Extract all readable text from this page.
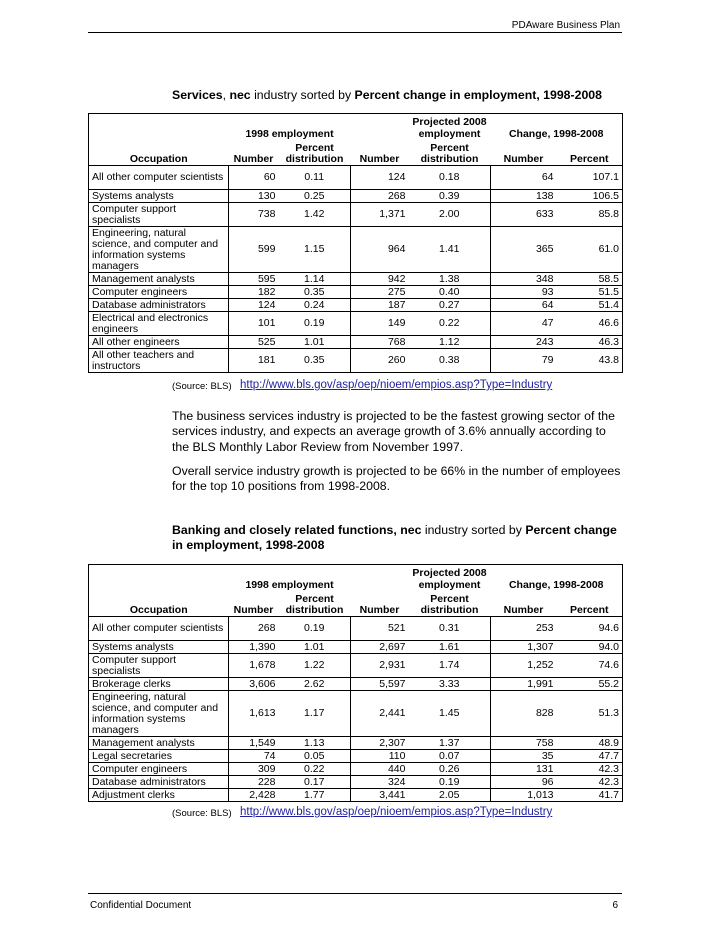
PDAware Business Plan
Services, nec industry sorted by Percent change in employment, 1998-2008
				Projected 2008		
	1998 employment			employment	Change, 1998-2008	
Occupation	Number	Percent distribution	Number	Percent distribution	Number	Percent
All other computer scientists	60	0.11	124	0.18	64	107.1
Systems analysts	130	0.25	268	0.39	138	106.5
Computer support specialists	738	1.42	1,371	2.00	633	85.8
Engineering, natural science, and computer and information systems managers	599	1.15	964	1.41	365	61.0
Management analysts	595	1.14	942	1.38	348	58.5
Computer engineers	182	0.35	275	0.40	93	51.5
Database administrators	124	0.24	187	0.27	64	51.4
Electrical and electronics engineers	101	0.19	149	0.22	47	46.6
All other engineers	525	1.01	768	1.12	243	46.3
All other teachers and instructors	181	0.35	260	0.38	79	43.8
(Source: BLS) http://www.bls.gov/asp/oep/nioem/empios.asp?Type=Industry
The business services industry is projected to be the fastest growing sector of the services industry, and expects an average growth of 3.6% annually according to the BLS Monthly Labor Review from November 1997.
Overall service industry growth is projected to be 66% in the number of employees for the top 10 positions from 1998-2008.
Banking and closely related functions, nec industry sorted by Percent change in employment, 1998-2008
				Projected 2008		
	1998 employment			employment	Change, 1998-2008	
Occupation	Number	Percent distribution	Number	Percent distribution	Number	Percent
All other computer scientists	268	0.19	521	0.31	253	94.6
Systems analysts	1,390	1.01	2,697	1.61	1,307	94.0
Computer support specialists	1,678	1.22	2,931	1.74	1,252	74.6
Brokerage clerks	3,606	2.62	5,597	3.33	1,991	55.2
Engineering, natural science, and computer and information systems managers	1,613	1.17	2,441	1.45	828	51.3
Management analysts	1,549	1.13	2,307	1.37	758	48.9
Legal secretaries	74	0.05	110	0.07	35	47.7
Computer engineers	309	0.22	440	0.26	131	42.3
Database administrators	228	0.17	324	0.19	96	42.3
Adjustment clerks	2,428	1.77	3,441	2.05	1,013	41.7
(Source: BLS) http://www.bls.gov/asp/oep/nioem/empios.asp?Type=Industry
Confidential Document	6
